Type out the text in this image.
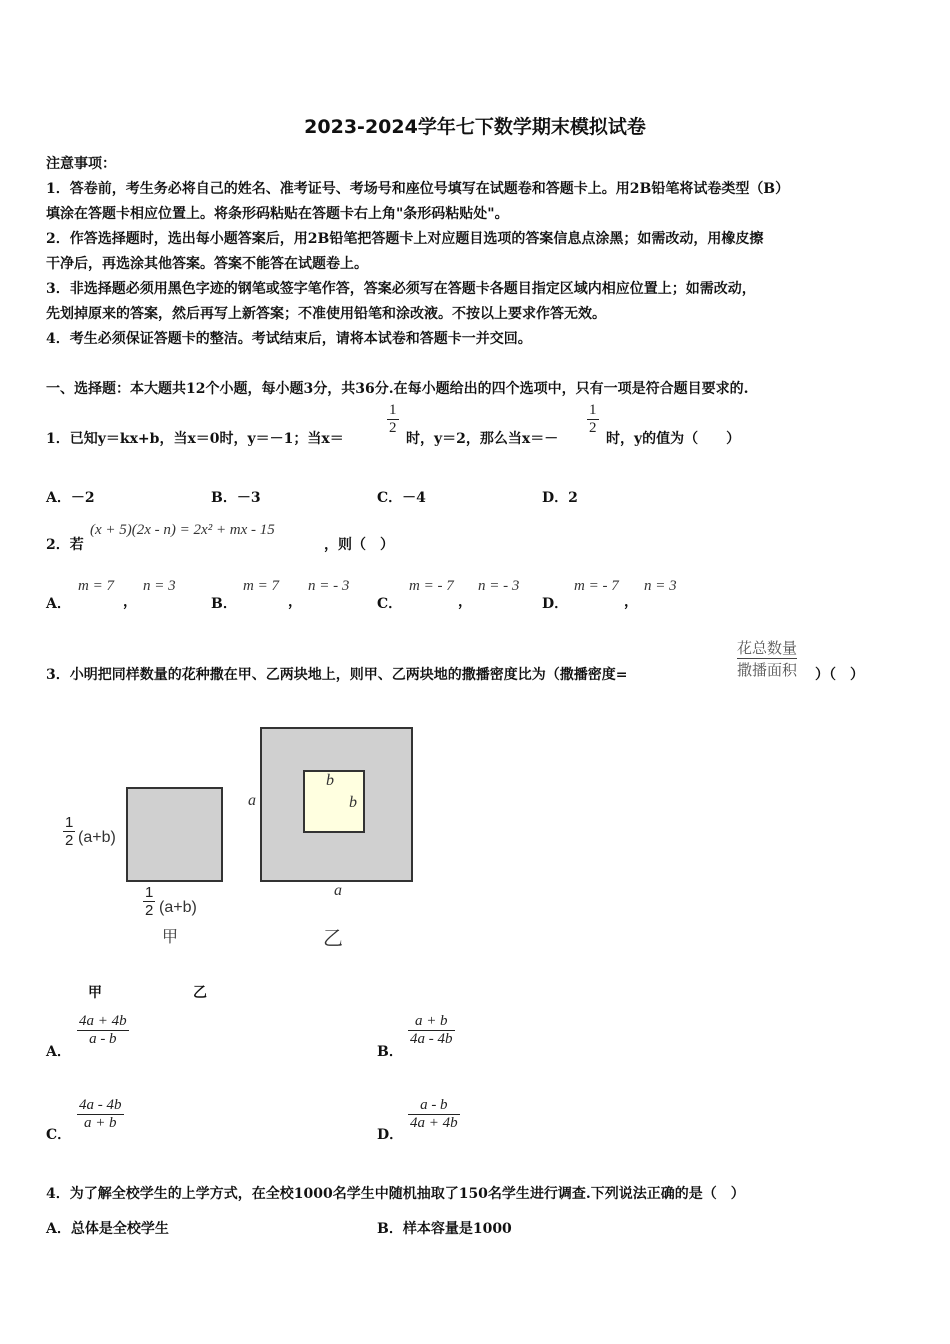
2023-2024学年七下数学期末模拟试卷
注意事项：
1．答卷前，考生务必将自己的姓名、准考证号、考场号和座位号填写在试题卷和答题卡上。用2B铅笔将试卷类型（B）
填涂在答题卡相应位置上。将条形码粘贴在答题卡右上角"条形码粘贴处"。
2．作答选择题时，选出每小题答案后，用2B铅笔把答题卡上对应题目选项的答案信息点涂黑；如需改动，用橡皮擦
干净后，再选涂其他答案。答案不能答在试题卷上。
3．非选择题必须用黑色字迹的钢笔或签字笔作答，答案必须写在答题卡各题目指定区域内相应位置上；如需改动，
先划掉原来的答案，然后再写上新答案；不准使用铅笔和涂改液。不按以上要求作答无效。
4．考生必须保证答题卡的整洁。考试结束后，请将本试卷和答题卡一并交回。
一、选择题：本大题共12个小题，每小题3分，共36分.在每小题给出的四个选项中，只有一项是符合题目要求的.
1．已知y＝kx+b，当x＝0时，y＝－1；当x＝
$\frac{1}{2}$
时，y＝2，那么当x＝－
$\frac{1}{2}$
时，y的值为（　　）
A．－2	B．－3	C．－4	D．2
2．若
(x + 5)(2x - n) = 2x² + mx - 15
，则（　）
A．
m = 7
，
n = 3
B．
m = 7
，
n = - 3
C．
m = - 7
，
n = - 3
D．
m = - 7
，
n = 3
3．小明把同样数量的花种撒在甲、乙两块地上，则甲、乙两块地的撒播密度比为（撒播密度=
花总数量
撒播面积 ）（　）
$\frac{1}{2} (a+b)$
$\frac{1}{2} (a+b)$
甲
a
a
b
b
乙
甲	乙
A．
$\frac{4a + 4b}{a - b}$
B．
$\frac{a + b}{4a - 4b}$
C．
$\frac{4a - 4b}{a + b}$
D．
$\frac{a - b}{4a + 4b}$
4．为了解全校学生的上学方式，在全校1000名学生中随机抽取了150名学生进行调查.下列说法正确的是（　）
A．总体是全校学生	B．样本容量是1000
